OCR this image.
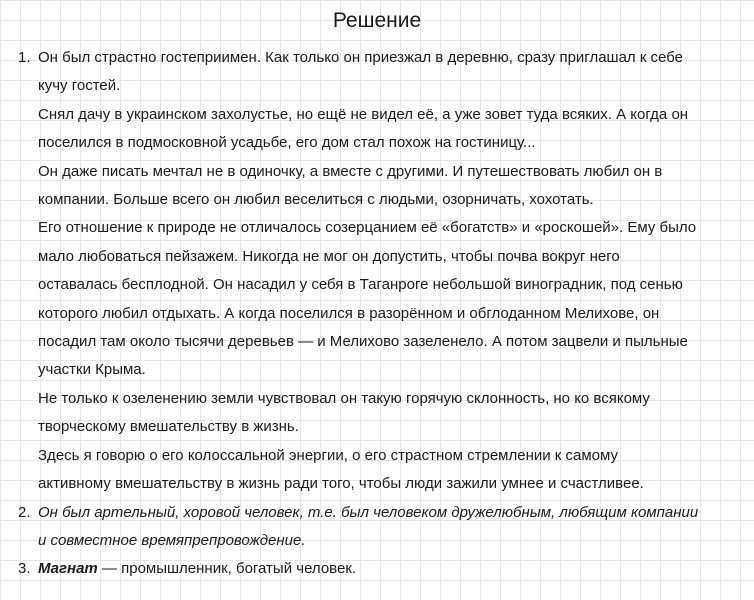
Решение
1. Он был страстно гостеприимен. Как только он приезжал в деревню, сразу приглашал к себе
кучу гостей.

Снял дачу в украинском захолустье, но ещё не видел её, а уже зовет туда всяких. А когда он
поселился в подмосковной усадьбе, его дом стал похож на гостиницу...

Он даже писать мечтал не в одиночку, а вместе с другими. И путешествовать любил он в
компании. Больше всего он любил веселиться с людьми, озорничать, хохотать.

Его отношение к природе не отличалось созерцанием её «богатств» и «роскошей». Ему было
мало любоваться пейзажем. Никогда не мог он допустить, чтобы почва вокруг него
оставалась бесплодной. Он насадил у себя в Таганроге небольшой виноградник, под сенью
которого любил отдыхать. А когда поселился в разорённом и обглоданном Мелихове, он
посадил там около тысячи деревьев — и Мелихово зазеленело. А потом зацвели и пыльные
участки Крыма.

Не только к озеленению земли чувствовал он такую горячую склонность, но ко всякому
творческому вмешательству в жизнь.

Здесь я говорю о его колоссальной энергии, о его страстном стремлении к самому
активному вмешательству в жизнь ради того, чтобы люди зажили умнее и счастливее.

2. Он был артельный, хоровой человек, т.е. был человеком дружелюбным, любящим компании
и совместное времяпрепровождение.

3. Магнат — промышленник, богатый человек.
